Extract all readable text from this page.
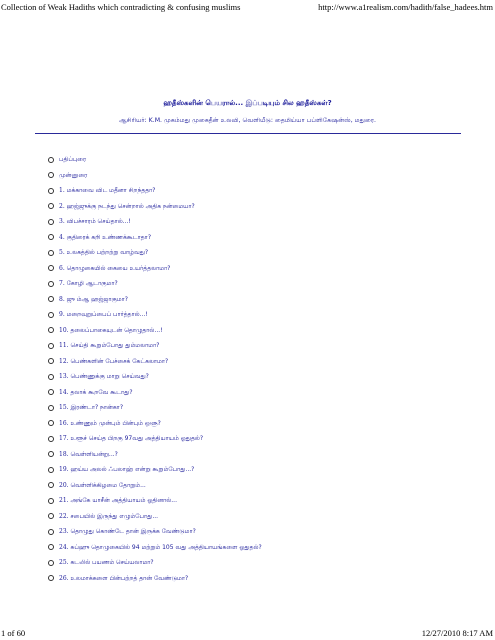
Collection of Weak Hadiths which contradicting & confusing muslims	http://www.a1realism.com/hadith/false_hadees.htm
ஹதீஸ்களின் பெயரால்... இப்படியும் சில ஹதீஸ்கள்?
ஆசிரியர்: K.M. முகம்மது முகைதீன் உலவி, வெளியீடு: தைமிய்யா பப்ளிகேஷன்ஸ், மதுரை.
பதிப்புரை
முன்னுரை
1. மக்காவை விட மதீனா சிறந்ததா?
2. ஹஜ்ஜுக்கு நடந்து சென்றால் அதிக நன்மையா?
3. விபச்சாரம் செய்தால்...!
4. குதிரைக் கறி உண்ணக்கூடாதா?
5. உலகத்தில் பற்றற்று வாழ்வது?
6. தொழுகையில் கையை உயர்த்தலாமா?
7. கோழி ஆடாகுமா?
8. ஜு ம்ஆ ஹஜ்ஜாகுமா?
9. மறைவுறுப்பைப் பார்த்தால்...!
10. தலைப்பாகையுடன் தொழுதால்...!
11. செய்தி கூறும்போது தும்மலாமா?
12. பெண்களின் பேச்சைக் கேட்கலாமா?
13. பெண்ணுக்கு மாறு செய்வது?
14. தலாக் கூறவே கூடாது?
15. இரண்டா? நான்கா?
16. உண்ணும் முன்பும் பின்பும் ஒளு?
17. உளூச் செய்த பிறகு 97வது அத்தியாயம் ஓதுதல்?
18. வெள்ளியன்று...?
19. ஹய்ய அலல் ஃபலாஹ் என்று கூறும்போது...?
20. வெள்ளிக்கிழமை தோறும்...
21. அங்கே யாசீன் அத்தியாயம் ஓதினால்...
22. சபையில் இருந்து எழும்போது...
23. தொழுது கொண்டே தான் இருக்க வேண்டுமா?
24. சுப்ஹு தொழுகையில் 94 மற்றும் 105 வது அத்தியாயங்களை ஓதுதல்?
25. கடலில் பயணம் செய்யலாமா?
26. உலமாக்களை பின்பற்றத் தான் வேண்டுமா?
1 of 60	12/27/2010 8:17 AM
